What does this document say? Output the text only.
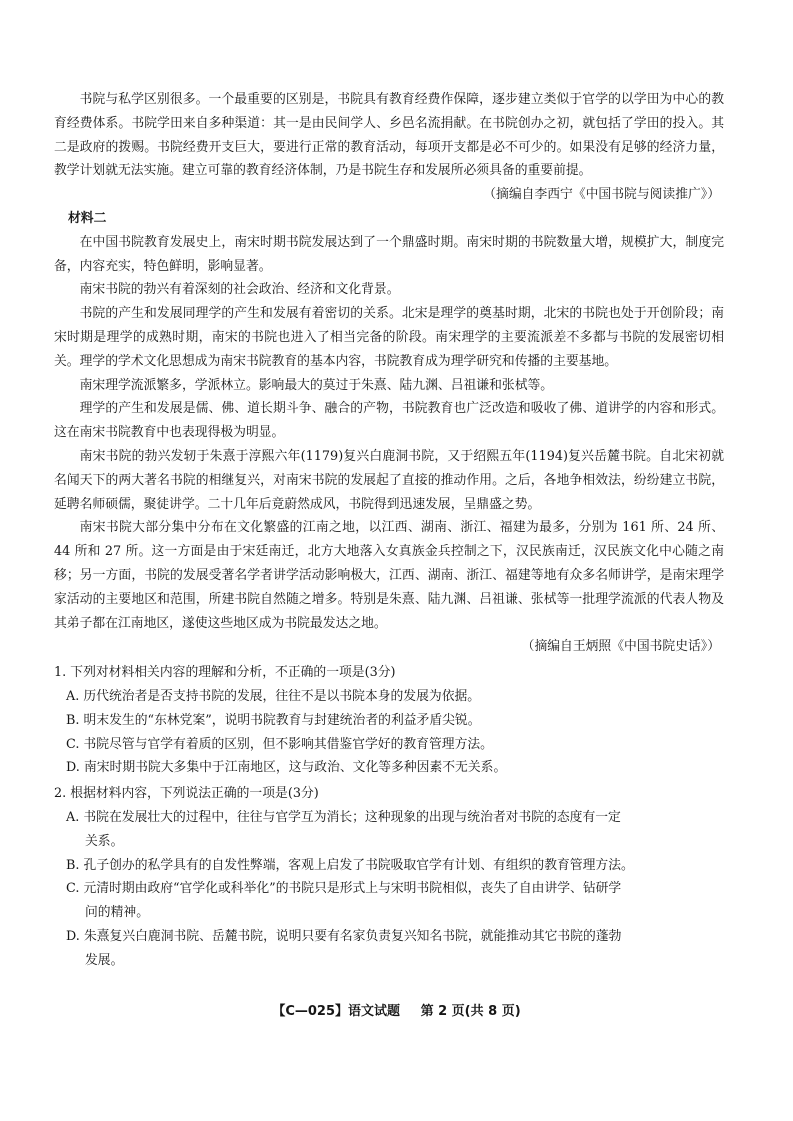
书院与私学区别很多。一个最重要的区别是，书院具有教育经费作保障，逐步建立类似于官学的以学田为中心的教育经费体系。书院学田来自多种渠道：其一是由民间学人、乡邑名流捐献。在书院创办之初，就包括了学田的投入。其二是政府的拨赐。书院经费开支巨大，要进行正常的教育活动，每项开支都是必不可少的。如果没有足够的经济力量，教学计划就无法实施。建立可靠的教育经济体制，乃是书院生存和发展所必须具备的重要前提。

（摘编自李西宁《中国书院与阅读推广》）

材料二

在中国书院教育发展史上，南宋时期书院发展达到了一个鼎盛时期。南宋时期的书院数量大增，规模扩大，制度完备，内容充实，特色鲜明，影响显著。

南宋书院的勃兴有着深刻的社会政治、经济和文化背景。

书院的产生和发展同理学的产生和发展有着密切的关系。北宋是理学的奠基时期，北宋的书院也处于开创阶段；南宋时期是理学的成熟时期，南宋的书院也进入了相当完备的阶段。南宋理学的主要流派差不多都与书院的发展密切相关。理学的学术文化思想成为南宋书院教育的基本内容，书院教育成为理学研究和传播的主要基地。

南宋理学流派繁多，学派林立。影响最大的莫过于朱熹、陆九渊、吕祖谦和张栻等。

理学的产生和发展是儒、佛、道长期斗争、融合的产物，书院教育也广泛改造和吸收了佛、道讲学的内容和形式。这在南宋书院教育中也表现得极为明显。

南宋书院的勃兴发轫于朱熹于淳熙六年(1179)复兴白鹿洞书院，又于绍熙五年(1194)复兴岳麓书院。自北宋初就名闻天下的两大著名书院的相继复兴，对南宋书院的发展起了直接的推动作用。之后，各地争相效法，纷纷建立书院，延聘名师硕儒，聚徒讲学。二十几年后竟蔚然成风，书院得到迅速发展，呈鼎盛之势。

南宋书院大部分集中分布在文化繁盛的江南之地，以江西、湖南、浙江、福建为最多，分别为 161 所、24 所、44 所和 27 所。这一方面是由于宋廷南迁，北方大地落入女真族金兵控制之下，汉民族南迁，汉民族文化中心随之南移；另一方面，书院的发展受著名学者讲学活动影响极大，江西、湖南、浙江、福建等地有众多名师讲学，是南宋理学家活动的主要地区和范围，所建书院自然随之增多。特别是朱熹、陆九渊、吕祖谦、张栻等一批理学流派的代表人物及其弟子都在江南地区，遂使这些地区成为书院最发达之地。

（摘编自王炳照《中国书院史话》）

1. 下列对材料相关内容的理解和分析，不正确的一项是(3分)

A. 历代统治者是否支持书院的发展，往往不是以书院本身的发展为依据。

B. 明末发生的“东林党案”，说明书院教育与封建统治者的利益矛盾尖锐。

C. 书院尽管与官学有着质的区别，但不影响其借鉴官学好的教育管理方法。

D. 南宋时期书院大多集中于江南地区，这与政治、文化等多种因素不无关系。

2. 根据材料内容，下列说法正确的一项是(3分)

A. 书院在发展壮大的过程中，往往与官学互为消长；这种现象的出现与统治者对书院的态度有一定

关系。

B. 孔子创办的私学具有的自发性弊端，客观上启发了书院吸取官学有计划、有组织的教育管理方法。

C. 元清时期由政府“官学化或科举化”的书院只是形式上与宋明书院相似，丧失了自由讲学、钻研学

问的精神。

D. 朱熹复兴白鹿洞书院、岳麓书院，说明只要有名家负责复兴知名书院，就能推动其它书院的蓬勃

发展。

【C—025】语文试题 第 2 页(共 8 页)
